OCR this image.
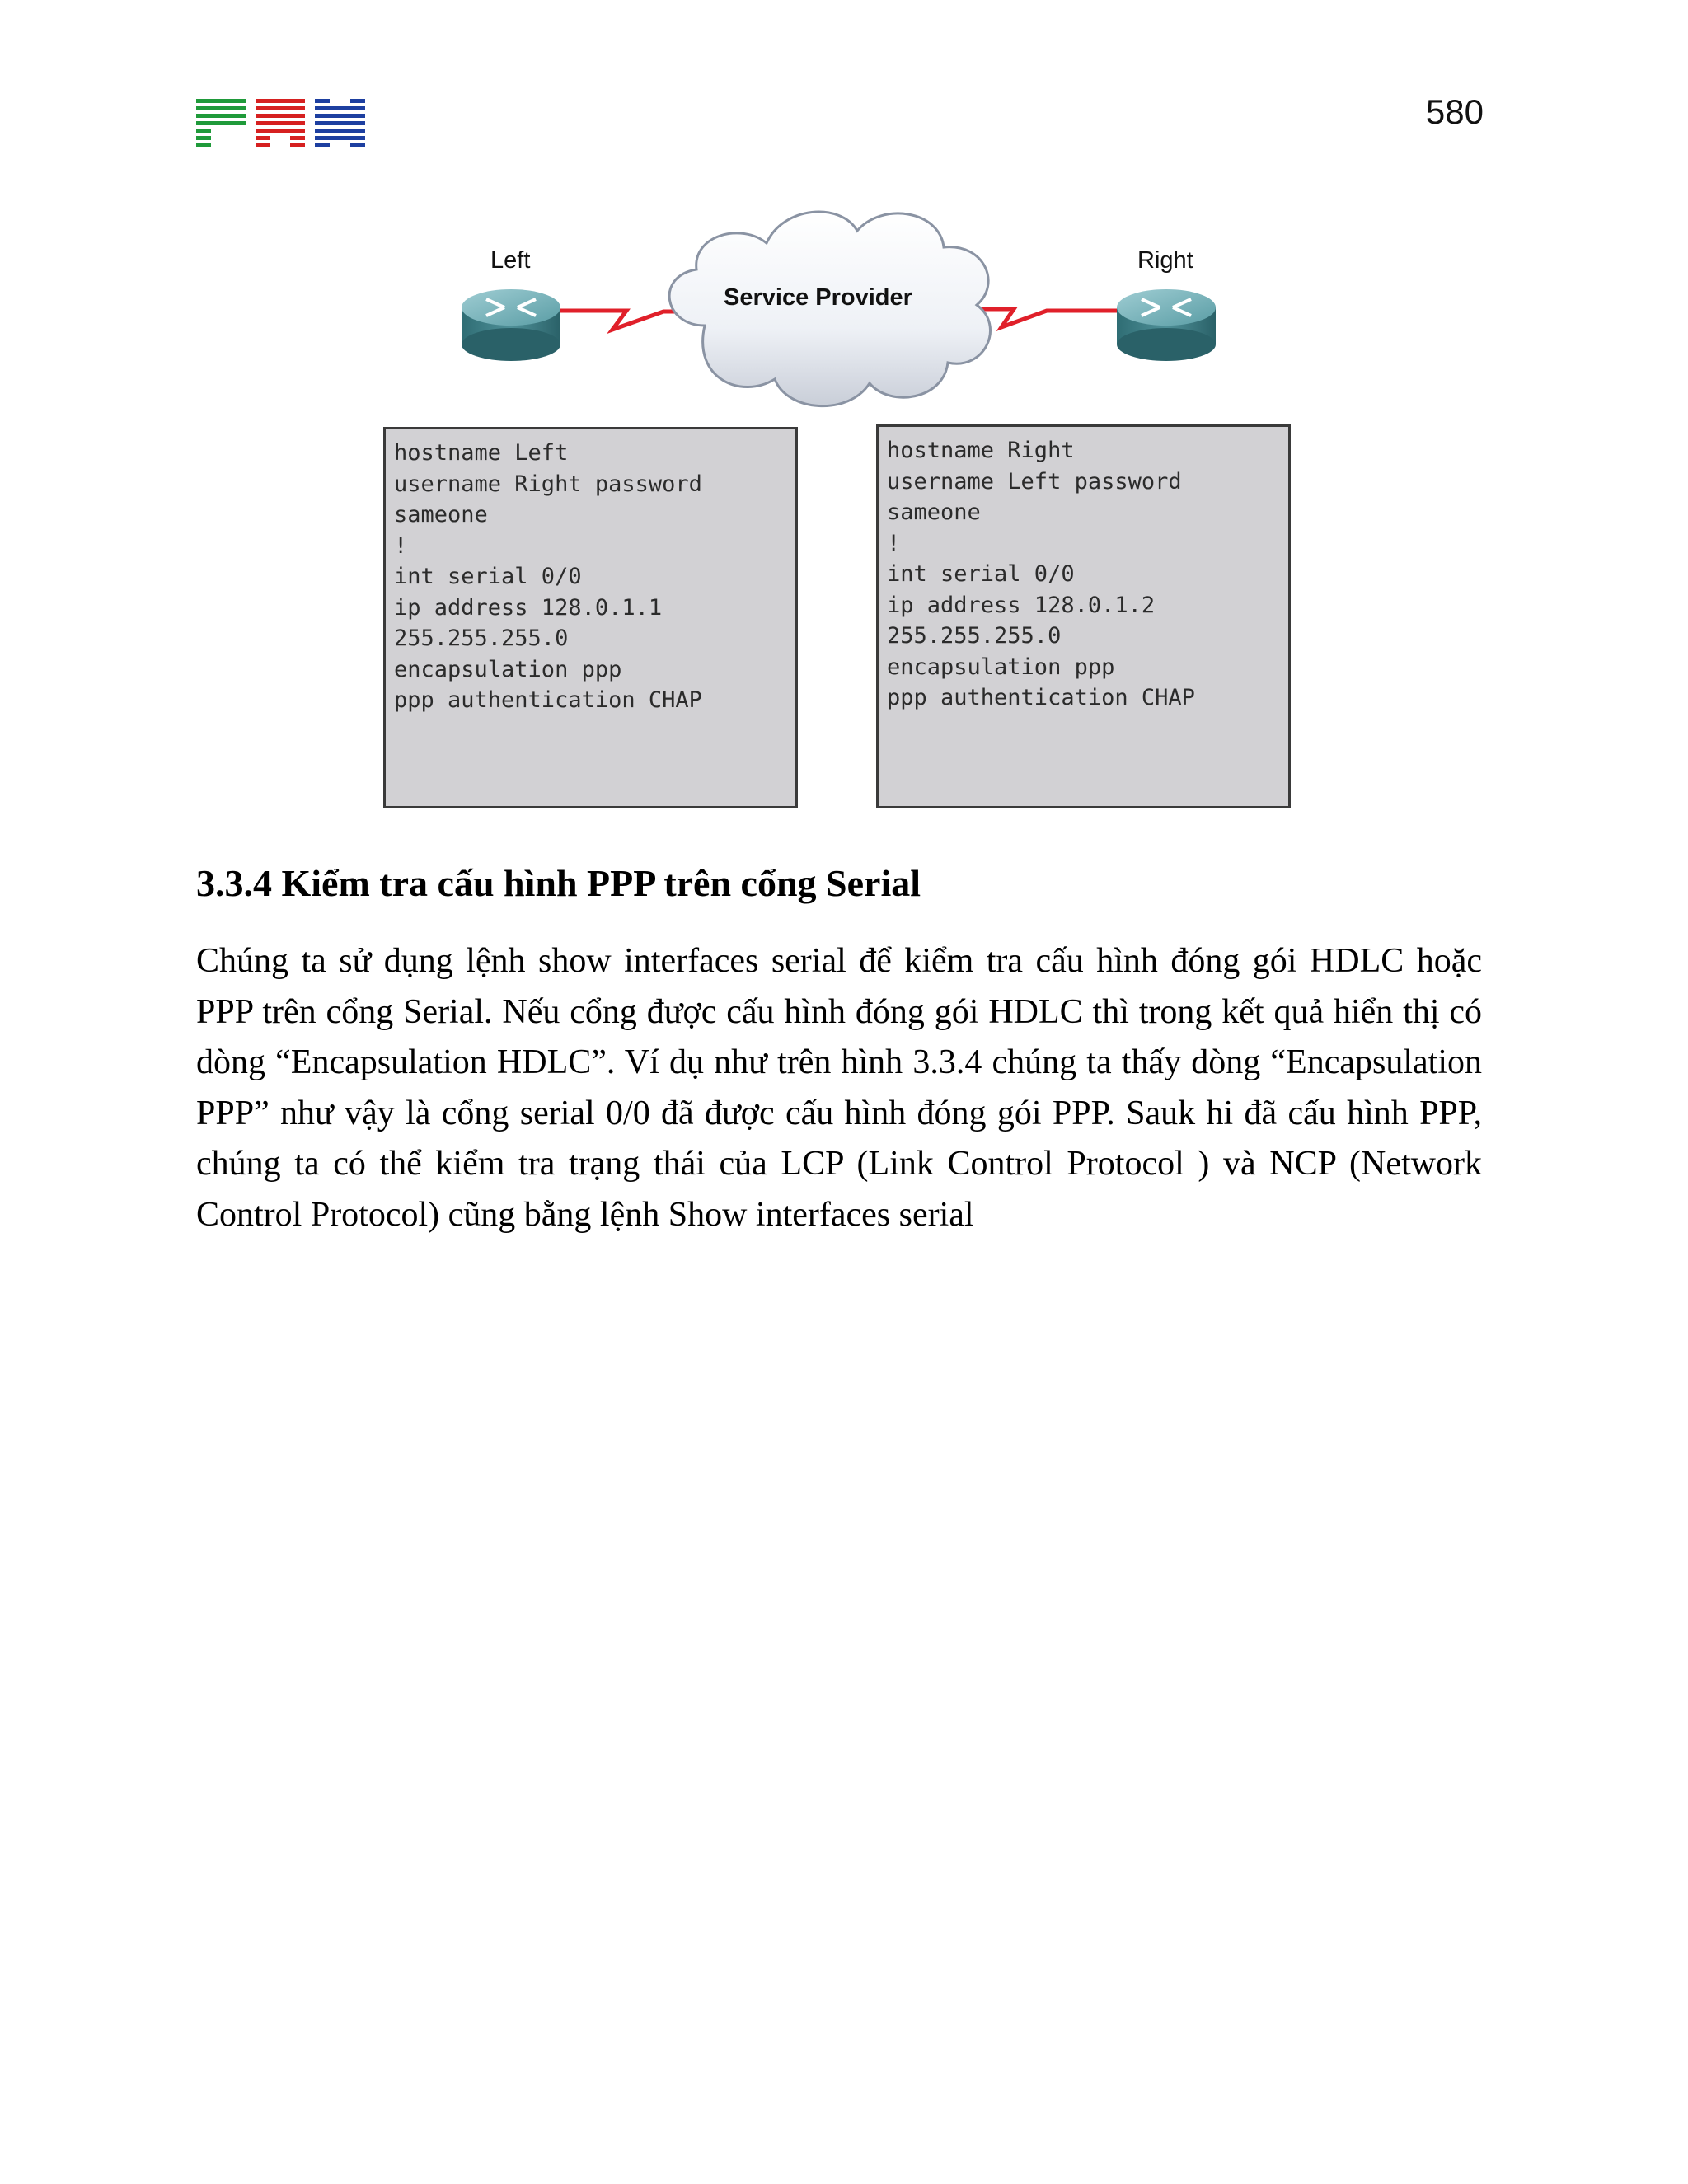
580
Left	Right
Service Provider
hostname Left
username Right password
sameone
!
int serial 0/0
ip address 128.0.1.1
255.255.255.0
encapsulation ppp
ppp authentication CHAP
hostname Right
username Left password
sameone
!
int serial 0/0
ip address 128.0.1.2
255.255.255.0
encapsulation ppp
ppp authentication CHAP
3.3.4 Kiểm tra cấu hình PPP trên cổng Serial

Chúng ta sử dụng lệnh show interfaces serial để kiểm tra cấu hình đóng gói HDLC hoặc PPP trên cổng Serial. Nếu cổng được cấu hình đóng gói HDLC thì trong kết quả hiển thị có dòng “Encapsulation HDLC”. Ví dụ như trên hình 3.3.4 chúng ta thấy dòng “Encapsulation PPP” như vậy là cổng serial 0/0 đã được cấu hình đóng gói PPP. Sauk hi đã cấu hình PPP, chúng ta có thể kiểm tra trạng thái của LCP (Link Control Protocol ) và NCP (Network Control Protocol) cũng bằng lệnh Show interfaces serial
